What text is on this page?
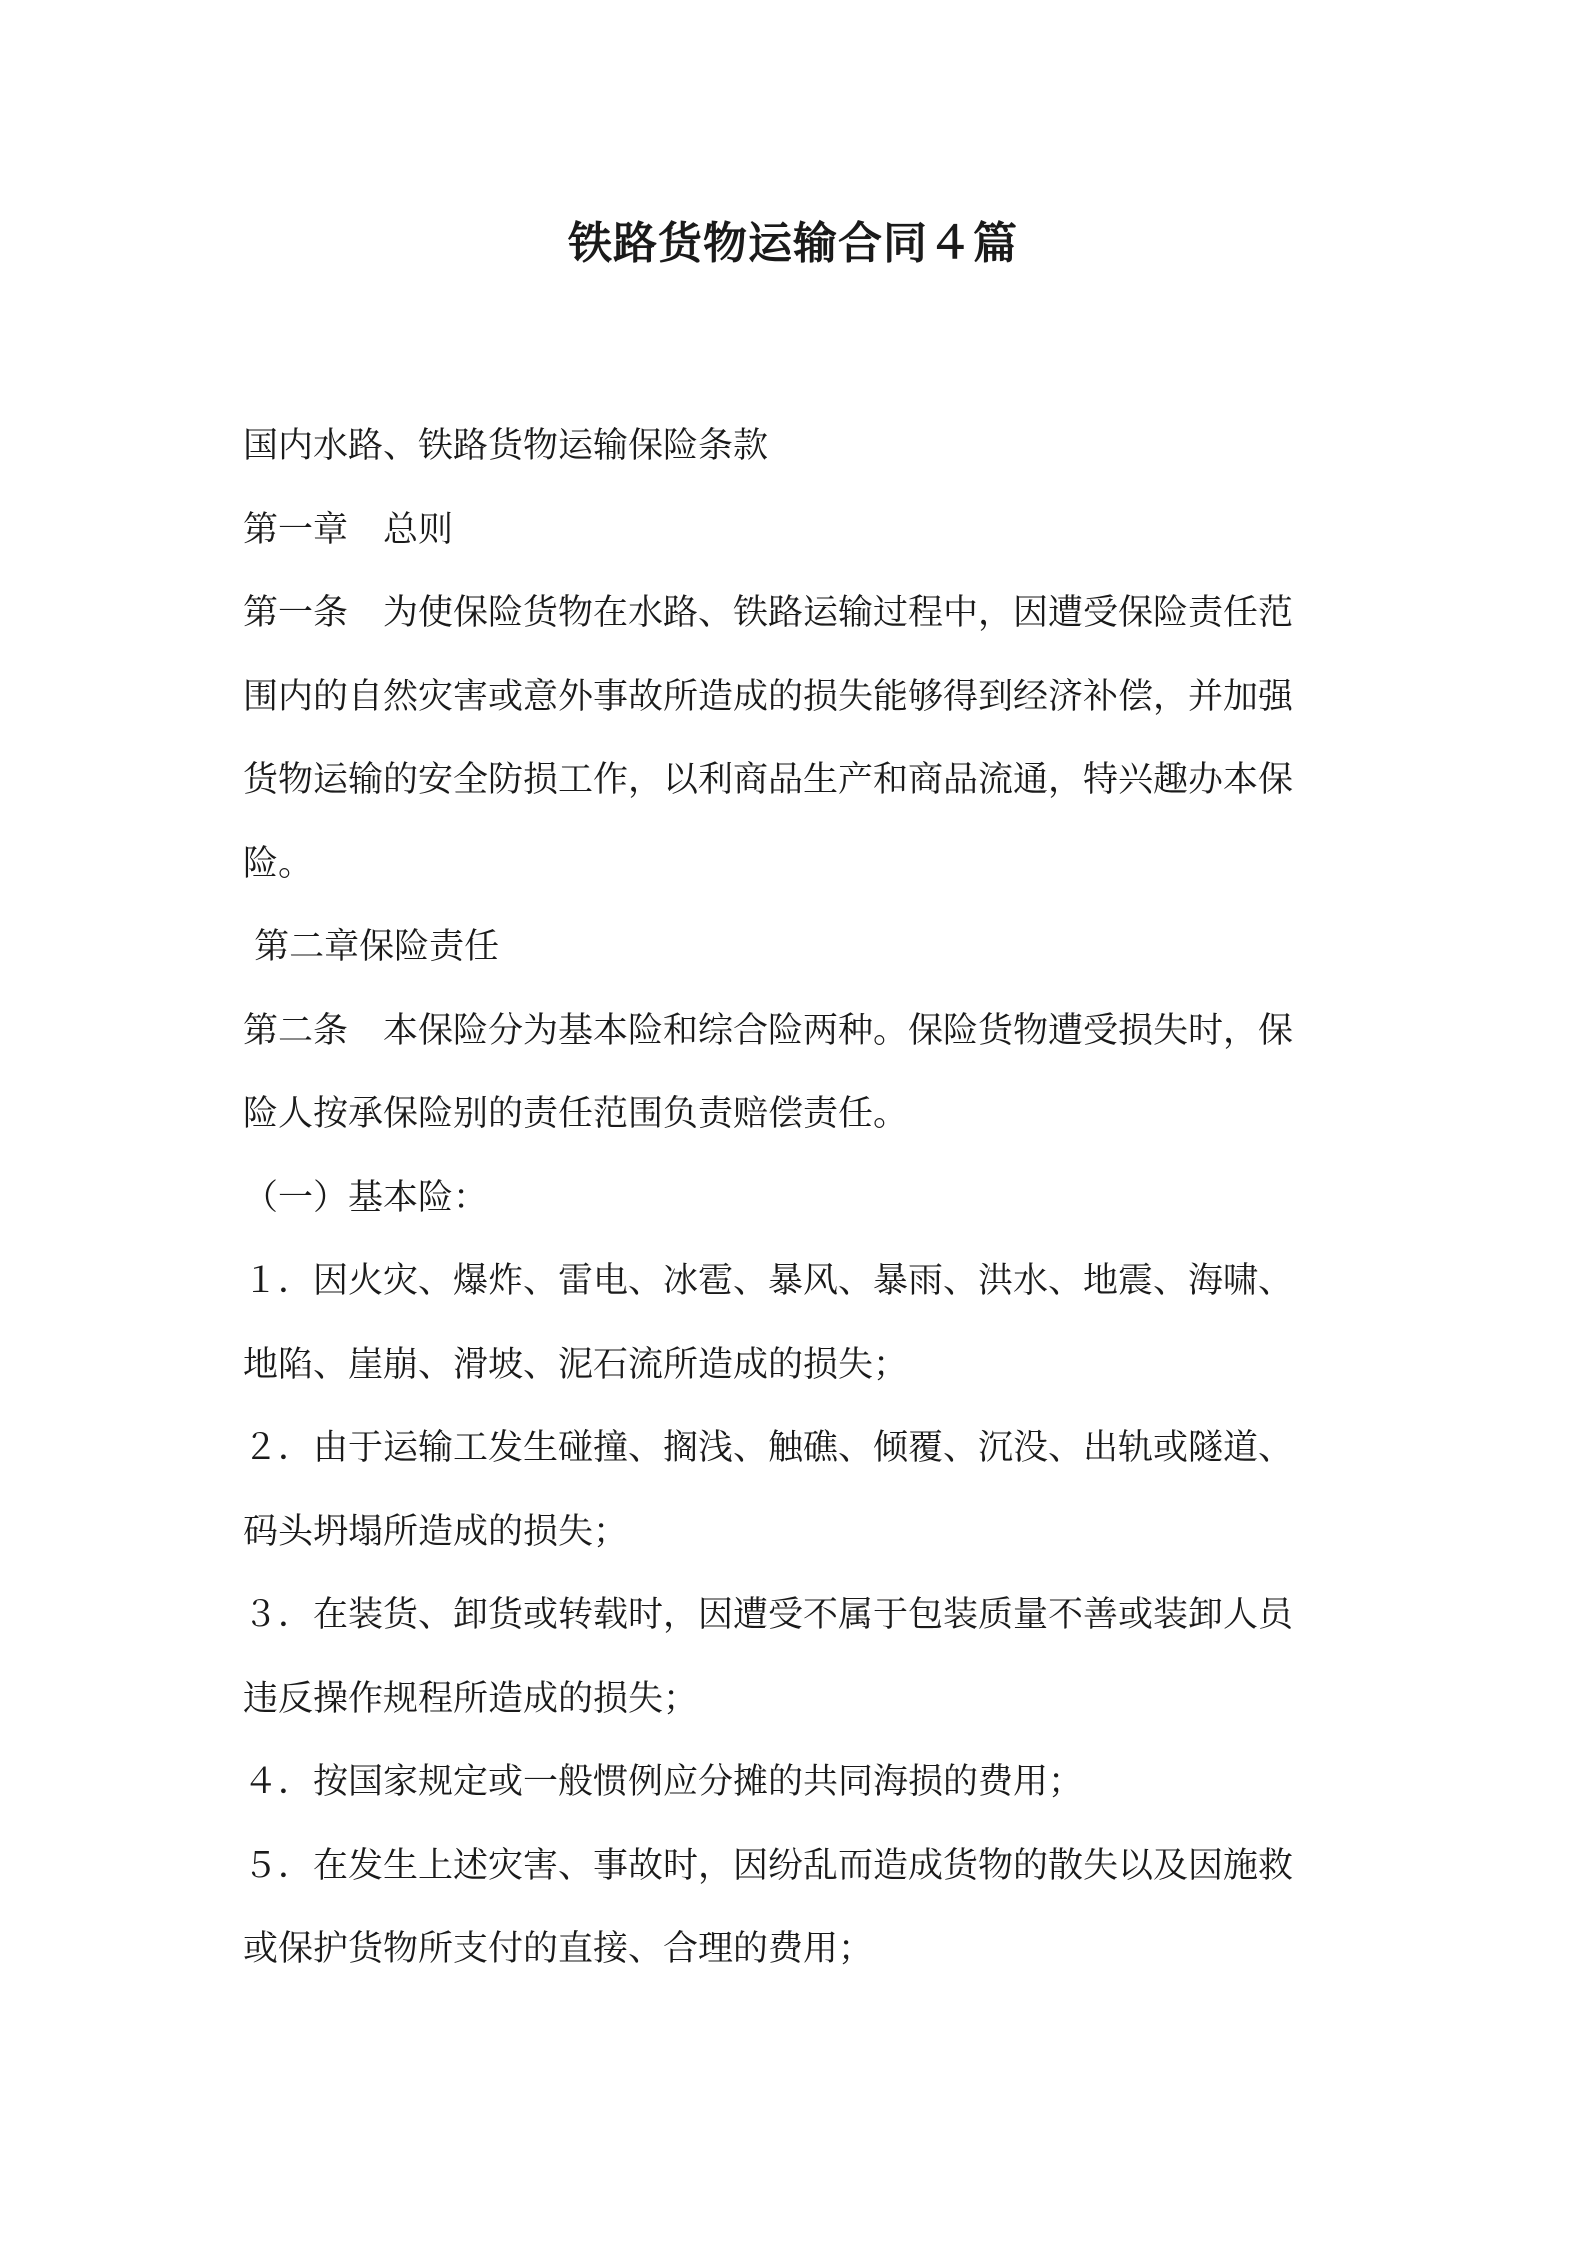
铁路货物运输合同４篇
国内水路、铁路货物运输保险条款
第一章　总则
第一条　为使保险货物在水路、铁路运输过程中，因遭受保险责任范
围内的自然灾害或意外事故所造成的损失能够得到经济补偿，并加强
货物运输的安全防损工作，以利商品生产和商品流通，特兴趣办本保
险。
第二章保险责任
第二条　本保险分为基本险和综合险两种。保险货物遭受损失时，保
险人按承保险别的责任范围负责赔偿责任。
（一）基本险：
１．因火灾、爆炸、雷电、冰雹、暴风、暴雨、洪水、地震、海啸、
地陷、崖崩、滑坡、泥石流所造成的损失；
２．由于运输工发生碰撞、搁浅、触礁、倾覆、沉没、出轨或隧道、
码头坍塌所造成的损失；
３．在装货、卸货或转载时，因遭受不属于包装质量不善或装卸人员
违反操作规程所造成的损失；
４．按国家规定或一般惯例应分摊的共同海损的费用；
５．在发生上述灾害、事故时，因纷乱而造成货物的散失以及因施救
或保护货物所支付的直接、合理的费用；
